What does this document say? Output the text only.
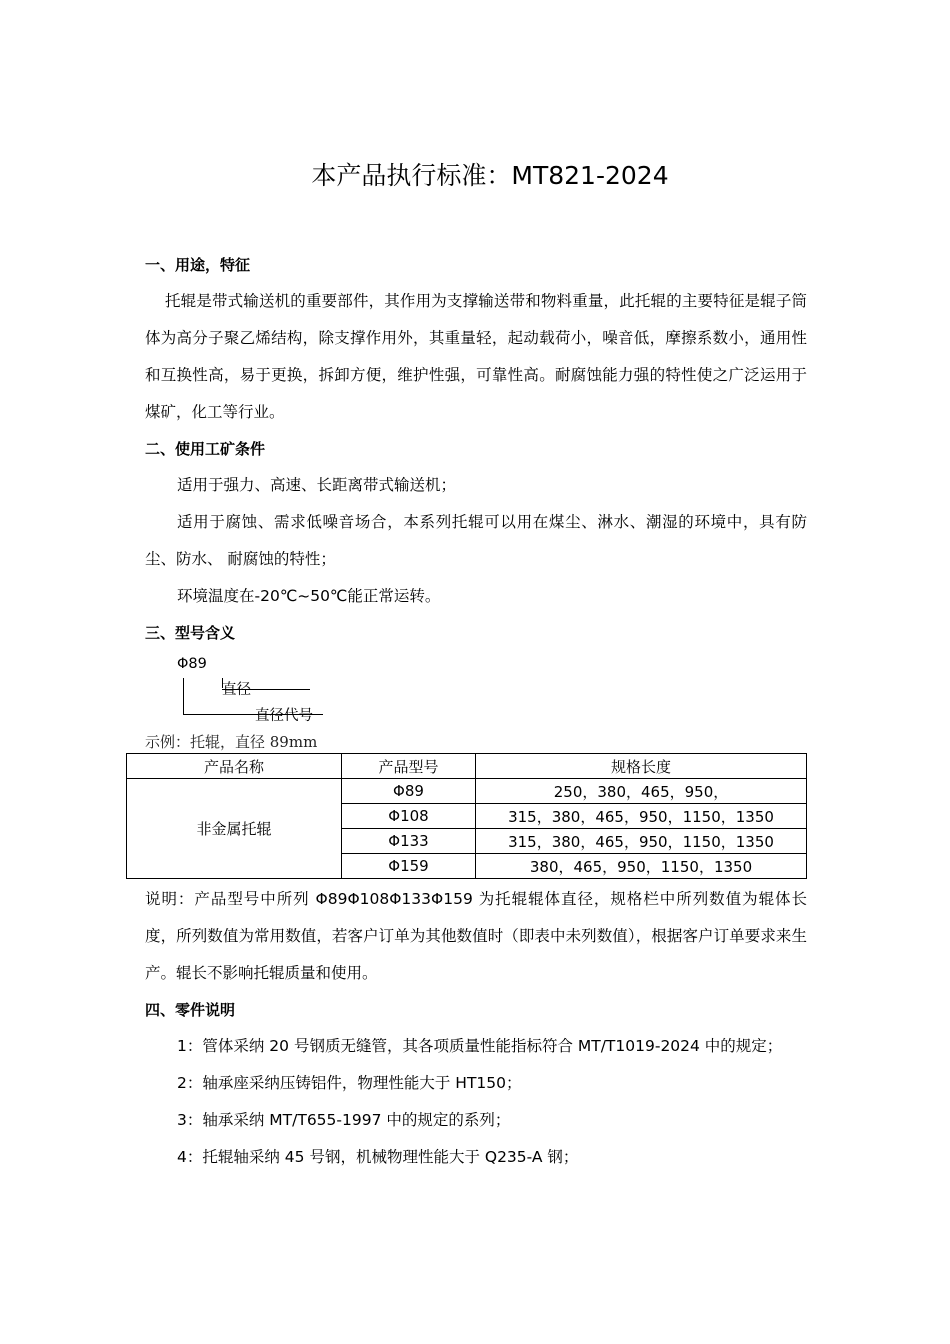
本产品执行标准：MT821-2024
一、用途，特征
托辊是带式输送机的重要部件，其作用为支撑输送带和物料重量，此托辊的主要特征是辊子筒体为高分子聚乙烯结构，除支撑作用外，其重量轻，起动载荷小，噪音低，摩擦系数小，通用性和互换性高，易于更换，拆卸方便，维护性强，可靠性高。耐腐蚀能力强的特性使之广泛运用于煤矿，化工等行业。
二、使用工矿条件
适用于强力、高速、长距离带式输送机；
适用于腐蚀、需求低噪音场合，本系列托辊可以用在煤尘、淋水、潮湿的环境中，具有防尘、防水、 耐腐蚀的特性；
环境温度在-20℃~50℃能正常运转。
三、型号含义
Φ89
直径
直径代号
示例：托辊，直径 89mm
产品名称	产品型号	规格长度
非金属托辊	Φ89	250，380，465，950，
	Φ108	315，380，465，950，1150，1350
	Φ133	315，380，465，950，1150，1350
	Φ159	380，465，950，1150，1350
说明：产品型号中所列 Φ89Φ108Φ133Φ159 为托辊辊体直径，规格栏中所列数值为辊体长度，所列数值为常用数值，若客户订单为其他数值时（即表中未列数值），根据客户订单要求来生产。辊长不影响托辊质量和使用。
四、零件说明
1：管体采纳 20 号钢质无缝管，其各项质量性能指标符合 MT/T1019-2024 中的规定；
2：轴承座采纳压铸铝件，物理性能大于 HT150；
3：轴承采纳 MT/T655-1997 中的规定的系列；
4：托辊轴采纳 45 号钢，机械物理性能大于 Q235-A 钢；
